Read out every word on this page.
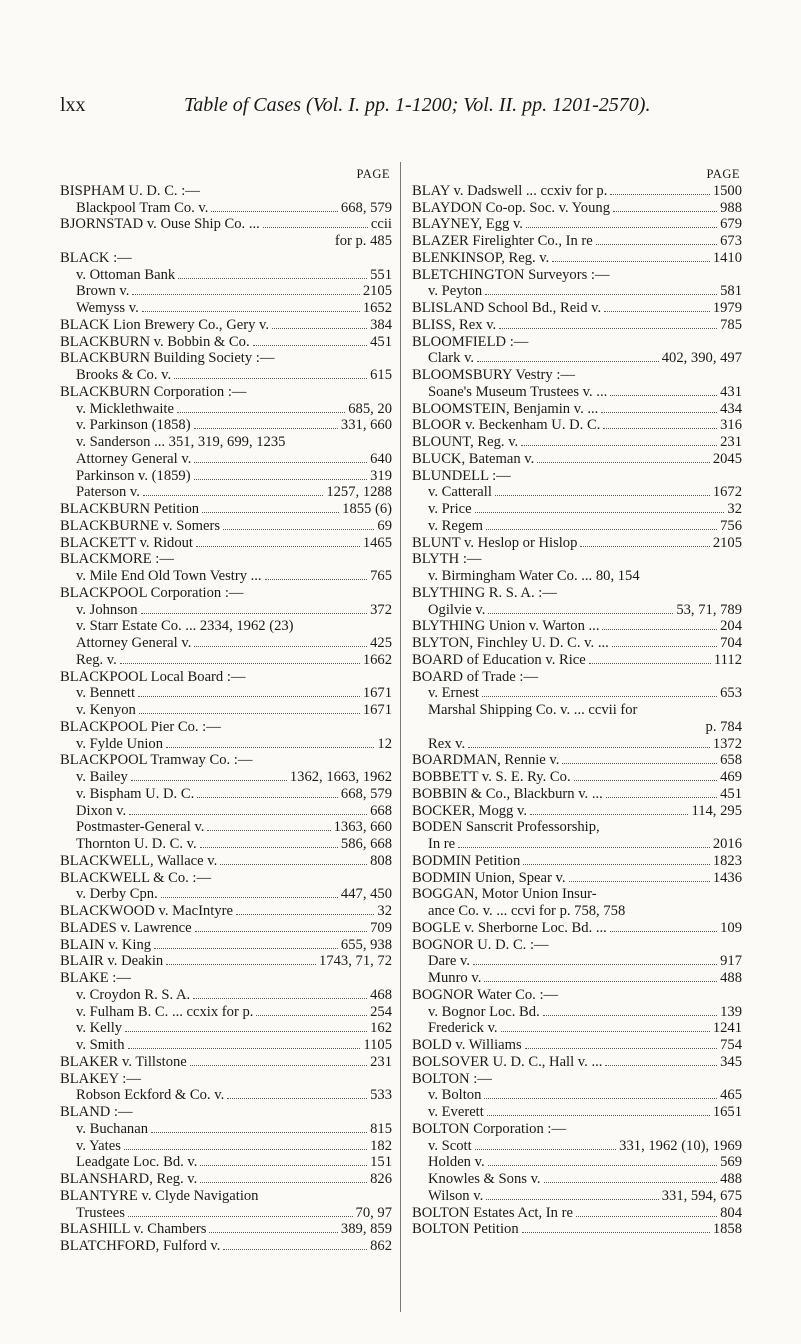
lxx	Table of Cases (Vol. I. pp. 1-1200; Vol. II. pp. 1201-2570).
PAGE
BISPHAM U. D. C. :—
Blackpool Tram Co. v.	668, 579
BJORNSTAD v. Ouse Ship Co. ...	ccii
for p. 485
BLACK :—
v. Ottoman Bank	551
Brown v.	2105
Wemyss v.	1652
BLACK Lion Brewery Co., Gery v.	384
BLACKBURN v. Bobbin & Co.	451
BLACKBURN Building Society :—
Brooks & Co. v.	615
BLACKBURN Corporation :—
v. Micklethwaite	685, 20
v. Parkinson (1858)	331, 660
v. Sanderson ... 351, 319, 699, 1235
Attorney General v.	640
Parkinson v. (1859)	319
Paterson v.	1257, 1288
BLACKBURN Petition	1855 (6)
BLACKBURNE v. Somers	69
BLACKETT v. Ridout	1465
BLACKMORE :—
v. Mile End Old Town Vestry ...	765
BLACKPOOL Corporation :—
v. Johnson	372
v. Starr Estate Co. ... 2334, 1962 (23)
Attorney General v.	425
Reg. v.	1662
BLACKPOOL Local Board :—
v. Bennett	1671
v. Kenyon	1671
BLACKPOOL Pier Co. :—
v. Fylde Union	12
BLACKPOOL Tramway Co. :—
v. Bailey	1362, 1663, 1962
v. Bispham U. D. C.	668, 579
Dixon v.	668
Postmaster-General v.	1363, 660
Thornton U. D. C. v.	586, 668
BLACKWELL, Wallace v.	808
BLACKWELL & Co. :—
v. Derby Cpn.	447, 450
BLACKWOOD v. MacIntyre	32
BLADES v. Lawrence	709
BLAIN v. King	655, 938
BLAIR v. Deakin	1743, 71, 72
BLAKE :—
v. Croydon R. S. A.	468
v. Fulham B. C. ... ccxix for p.	254
v. Kelly	162
v. Smith	1105
BLAKER v. Tillstone	231
BLAKEY :—
Robson Eckford & Co. v.	533
BLAND :—
v. Buchanan	815
v. Yates	182
Leadgate Loc. Bd. v.	151
BLANSHARD, Reg. v.	826
BLANTYRE v. Clyde Navigation
Trustees	70, 97
BLASHILL v. Chambers	389, 859
BLATCHFORD, Fulford v.	862
PAGE
BLAY v. Dadswell ... ccxiv for p.	1500
BLAYDON Co-op. Soc. v. Young	988
BLAYNEY, Egg v.	679
BLAZER Firelighter Co., In re	673
BLENKINSOP, Reg. v.	1410
BLETCHINGTON Surveyors :—
v. Peyton	581
BLISLAND School Bd., Reid v.	1979
BLISS, Rex v.	785
BLOOMFIELD :—
Clark v.	402, 390, 497
BLOOMSBURY Vestry :—
Soane's Museum Trustees v. ...	431
BLOOMSTEIN, Benjamin v. ...	434
BLOOR v. Beckenham U. D. C.	316
BLOUNT, Reg. v.	231
BLUCK, Bateman v.	2045
BLUNDELL :—
v. Catterall	1672
v. Price	32
v. Regem	756
BLUNT v. Heslop or Hislop	2105
BLYTH :—
v. Birmingham Water Co. ... 80, 154
BLYTHING R. S. A. :—
Ogilvie v.	53, 71, 789
BLYTHING Union v. Warton ...	204
BLYTON, Finchley U. D. C. v. ...	704
BOARD of Education v. Rice	1112
BOARD of Trade :—
v. Ernest	653
Marshal Shipping Co. v. ... ccvii for
p. 784
Rex v.	1372
BOARDMAN, Rennie v.	658
BOBBETT v. S. E. Ry. Co.	469
BOBBIN & Co., Blackburn v. ...	451
BOCKER, Mogg v.	114, 295
BODEN Sanscrit Professorship,
In re	2016
BODMIN Petition	1823
BODMIN Union, Spear v.	1436
BOGGAN, Motor Union Insur-
ance Co. v. ... ccvi for p. 758, 758
BOGLE v. Sherborne Loc. Bd. ...	109
BOGNOR U. D. C. :—
Dare v.	917
Munro v.	488
BOGNOR Water Co. :—
v. Bognor Loc. Bd.	139
Frederick v.	1241
BOLD v. Williams	754
BOLSOVER U. D. C., Hall v. ...	345
BOLTON :—
v. Bolton	465
v. Everett	1651
BOLTON Corporation :—
v. Scott	331, 1962 (10), 1969
Holden v.	569
Knowles & Sons v.	488
Wilson v.	331, 594, 675
BOLTON Estates Act, In re	804
BOLTON Petition	1858
